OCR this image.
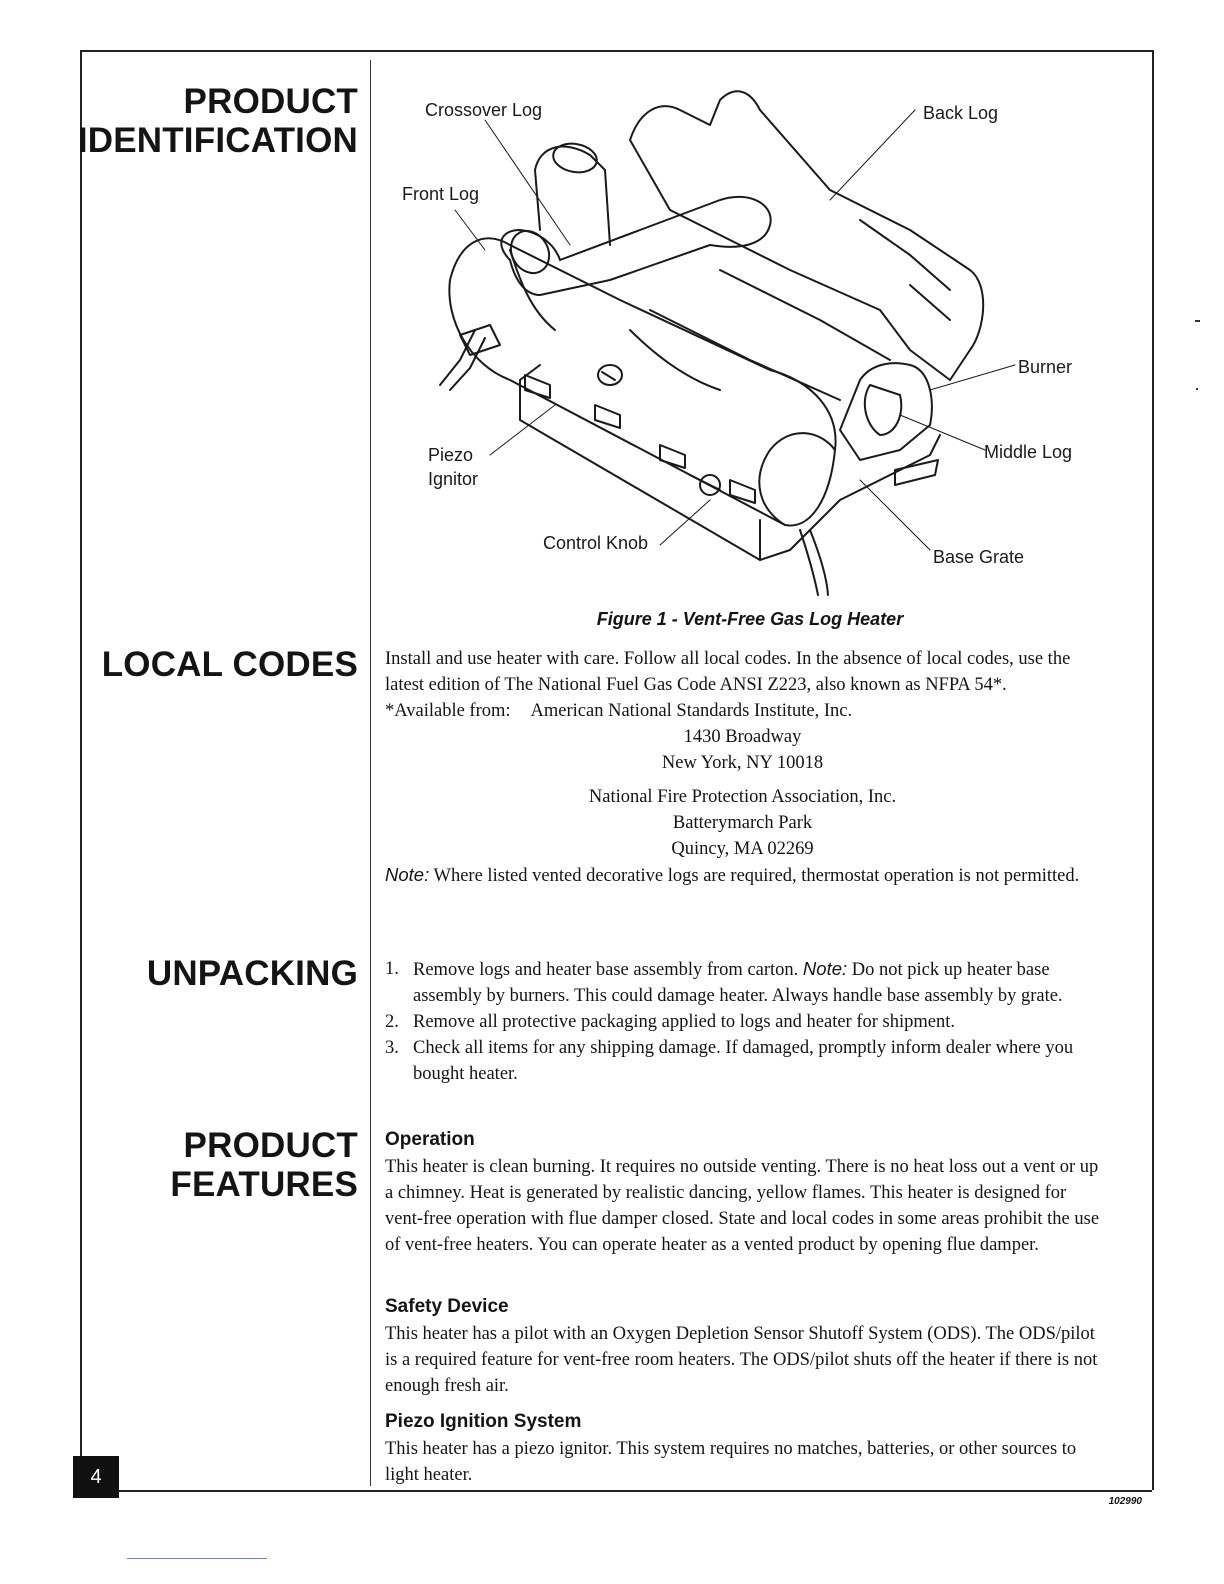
PRODUCT
IDENTIFICATION
LOCAL CODES
UNPACKING
PRODUCT
FEATURES
Crossover Log	Back Log
Front Log
Burner
Middle Log
Piezo
Ignitor
Control Knob
Base Grate
Figure 1 - Vent-Free Gas Log Heater

Install and use heater with care. Follow all local codes. In the absence of local codes, use the latest edition of The National Fuel Gas Code ANSI Z223, also known as NFPA 54*.

*Available from: American National Standards Institute, Inc.

1430 Broadway

New York, NY 10018

National Fire Protection Association, Inc.

Batterymarch Park

Quincy, MA 02269

Note: Where listed vented decorative logs are required, thermostat operation is not permitted.

1. Remove logs and heater base assembly from carton. Note: Do not pick up heater base assembly by burners. This could damage heater. Always handle base assembly by grate.
2. Remove all protective packaging applied to logs and heater for shipment.
3. Check all items for any shipping damage. If damaged, promptly inform dealer where you bought heater.
Operation
This heater is clean burning. It requires no outside venting. There is no heat loss out a vent or up a chimney. Heat is generated by realistic dancing, yellow flames. This heater is designed for vent-free operation with flue damper closed. State and local codes in some areas prohibit the use of vent-free heaters. You can operate heater as a vented product by opening flue damper.
Safety Device
This heater has a pilot with an Oxygen Depletion Sensor Shutoff System (ODS). The ODS/pilot is a required feature for vent-free room heaters. The ODS/pilot shuts off the heater if there is not enough fresh air.
Piezo Ignition System
This heater has a piezo ignitor. This system requires no matches, batteries, or other sources to light heater.
4
102990
